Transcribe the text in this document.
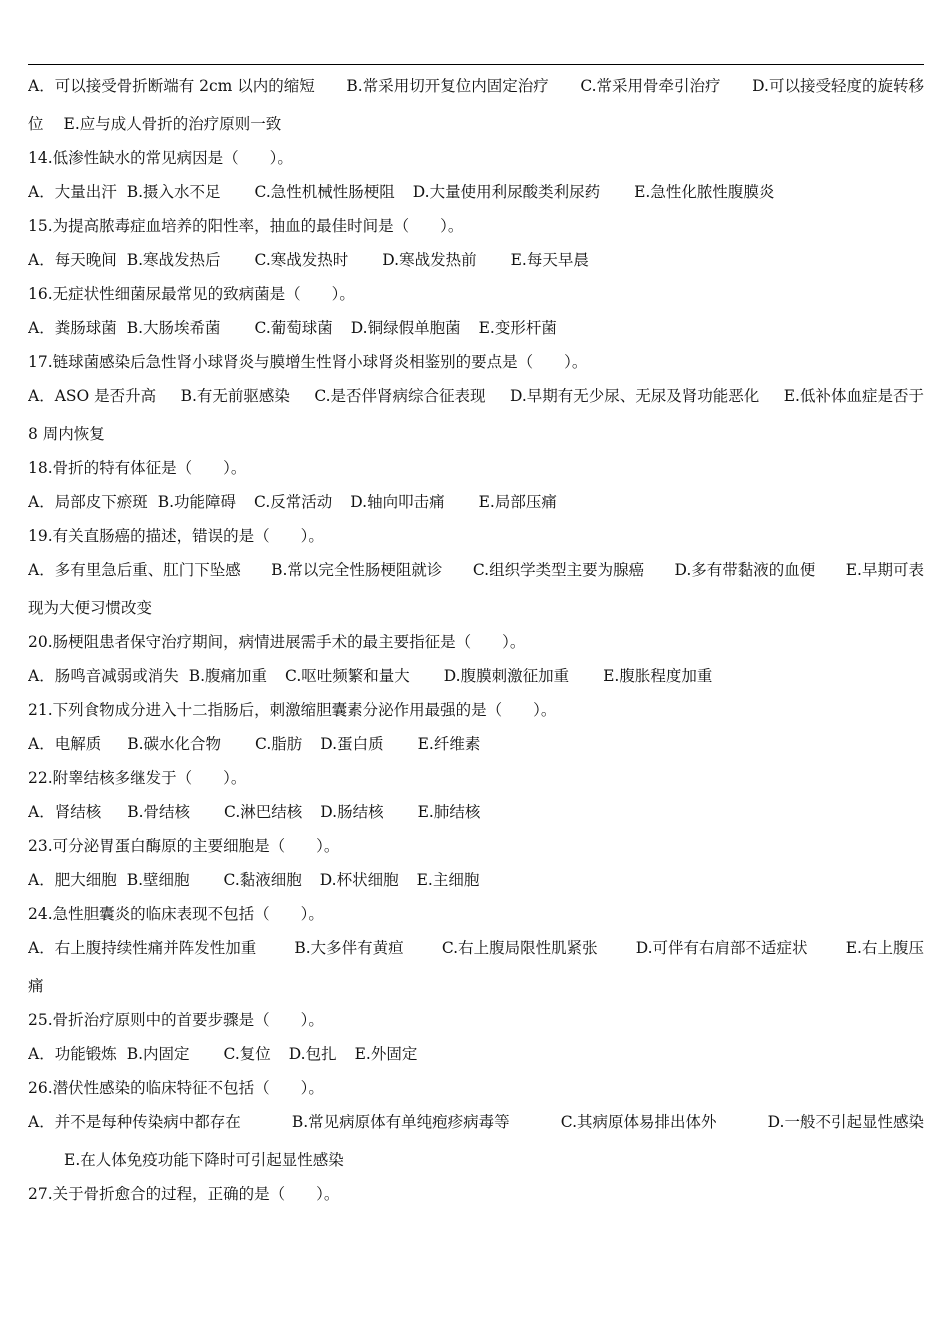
A．可以接受骨折断端有 2cm 以内的缩短 B.常采用切开复位内固定治疗 C.常采用骨牵引治疗 D.可以接受轻度的旋转移
位 E.应与成人骨折的治疗原则一致
14.低渗性缺水的常见病因是（　　）。
A．大量出汗 B.摄入水不足 C.急性机械性肠梗阻 D.大量使用利尿酸类利尿药 E.急性化脓性腹膜炎
15.为提高脓毒症血培养的阳性率，抽血的最佳时间是（　　）。
A．每天晚间 B.寒战发热后 C.寒战发热时 D.寒战发热前 E.每天早晨
16.无症状性细菌尿最常见的致病菌是（　　）。
A．粪肠球菌 B.大肠埃希菌 C.葡萄球菌 D.铜绿假单胞菌 E.变形杆菌
17.链球菌感染后急性肾小球肾炎与膜增生性肾小球肾炎相鉴别的要点是（　　）。
A．ASO 是否升高 B.有无前驱感染 C.是否伴肾病综合征表现 D.早期有无少尿、无尿及肾功能恶化 E.低补体血症是否于
8 周内恢复
18.骨折的特有体征是（　　）。
A．局部皮下瘀斑 B.功能障碍 C.反常活动 D.轴向叩击痛 E.局部压痛
19.有关直肠癌的描述，错误的是（　　）。
A．多有里急后重、肛门下坠感 B.常以完全性肠梗阻就诊 C.组织学类型主要为腺癌 D.多有带黏液的血便 E.早期可表
现为大便习惯改变
20.肠梗阻患者保守治疗期间，病情进展需手术的最主要指征是（　　）。
A．肠鸣音减弱或消失 B.腹痛加重 C.呕吐频繁和量大 D.腹膜刺激征加重 E.腹胀程度加重
21.下列食物成分进入十二指肠后，刺激缩胆囊素分泌作用最强的是（　　）。
A．电解质 B.碳水化合物 C.脂肪 D.蛋白质 E.纤维素
22.附睾结核多继发于（　　）。
A．肾结核 B.骨结核 C.淋巴结核 D.肠结核 E.肺结核
23.可分泌胃蛋白酶原的主要细胞是（　　）。
A．肥大细胞 B.壁细胞 C.黏液细胞 D.杯状细胞 E.主细胞
24.急性胆囊炎的临床表现不包括（　　）。
A．右上腹持续性痛并阵发性加重 B.大多伴有黄疸 C.右上腹局限性肌紧张 D.可伴有右肩部不适症状 E.右上腹压
痛
25.骨折治疗原则中的首要步骤是（　　）。
A．功能锻炼 B.内固定 C.复位 D.包扎 E.外固定
26.潜伏性感染的临床特征不包括（　　）。
A．并不是每种传染病中都存在	B.常见病原体有单纯疱疹病毒等	C.其病原体易排出体外	D.一般不引起显性感染
E.在人体免疫功能下降时可引起显性感染
27.关于骨折愈合的过程，正确的是（　　）。
